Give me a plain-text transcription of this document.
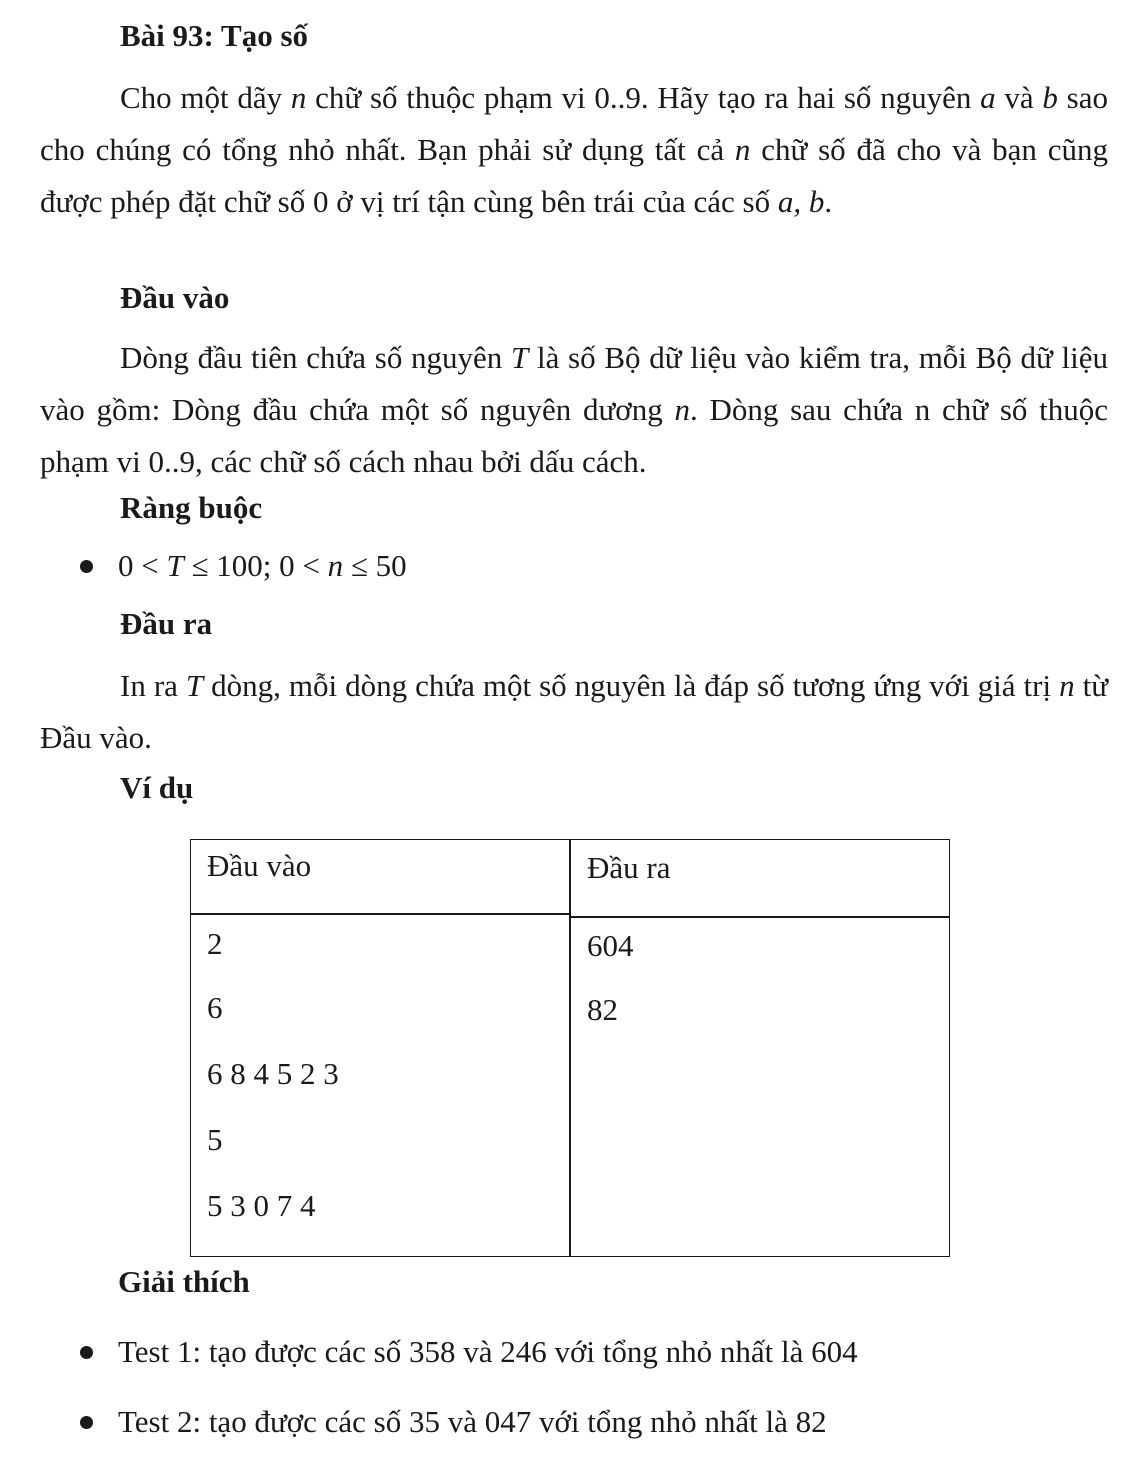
Bài 93: Tạo số

Cho một dãy n chữ số thuộc phạm vi 0..9. Hãy tạo ra hai số nguyên a và b sao cho chúng có tổng nhỏ nhất. Bạn phải sử dụng tất cả n chữ số đã cho và bạn cũng được phép đặt chữ số 0 ở vị trí tận cùng bên trái của các số a, b.

Đầu vào

Dòng đầu tiên chứa số nguyên T là số Bộ dữ liệu vào kiểm tra, mỗi Bộ dữ liệu vào gồm: Dòng đầu chứa một số nguyên dương n. Dòng sau chứa n chữ số thuộc phạm vi 0..9, các chữ số cách nhau bởi dấu cách.

Ràng buộc
0 < T ≤ 100; 0 < n ≤ 50
Đầu ra

In ra T dòng, mỗi dòng chứa một số nguyên là đáp số tương ứng với giá trị n từ Đầu vào.

Ví dụ
Đầu vào	Đầu ra
2
6
6 8 4 5 2 3
5
5 3 0 7 4
604
82
Giải thích
Test 1: tạo được các số 358 và 246 với tổng nhỏ nhất là 604
Test 2: tạo được các số 35 và 047 với tổng nhỏ nhất là 82
